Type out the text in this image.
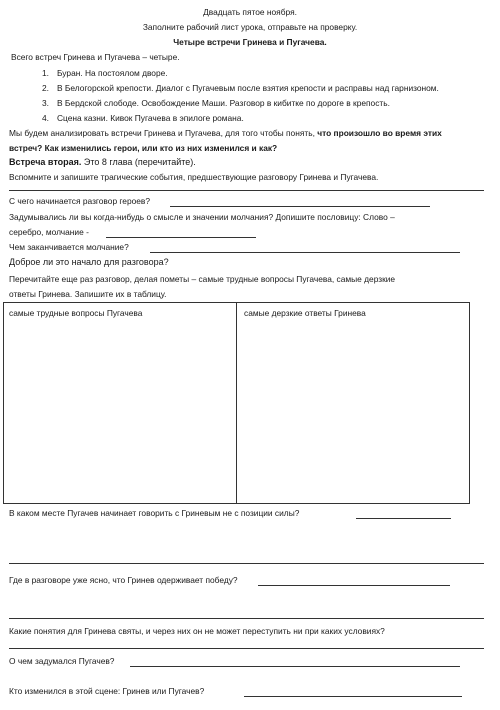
Двадцать пятое ноября.
Заполните рабочий лист урока, отправьте на проверку.
Четыре встречи Гринева и Пугачева.
Всего встреч Гринева и Пугачева – четыре.
1. Буран. На постоялом дворе.
2. В Белогорской крепости. Диалог с Пугачевым после взятия крепости и расправы над гарнизоном.
3. В Бердской слободе. Освобождение Маши. Разговор в кибитке по дороге в крепость.
4. Сцена казни. Кивок Пугачева в эпилоге романа.
Мы будем анализировать встречи Гринева и Пугачева, для того чтобы понять, что произошло во время этих
встреч? Как изменились герои, или кто из них изменился и как?
Встреча вторая. Это 8 глава (перечитайте).
Вспомните и запишите трагические события, предшествующие разговору Гринева и Пугачева.
С чего начинается разговор героев?
Задумывались ли вы когда-нибудь о смысле и значении молчания? Допишите пословицу: Слово –
серебро, молчание -
Чем заканчивается молчание?
Доброе ли это начало для разговора?
Перечитайте еще раз разговор, делая пометы – самые трудные вопросы Пугачева, самые дерзкие
ответы Гринева. Запишите их в таблицу.
самые трудные вопросы Пугачева	самые дерзкие ответы Гринева
В каком месте Пугачев начинает говорить с Гриневым не с позиции силы?
Где в разговоре уже ясно, что Гринев одерживает победу?
Какие понятия для Гринева святы, и через них он не может переступить ни при каких условиях?
О чем задумался Пугачев?
Кто изменился в этой сцене: Гринев или Пугачев?
